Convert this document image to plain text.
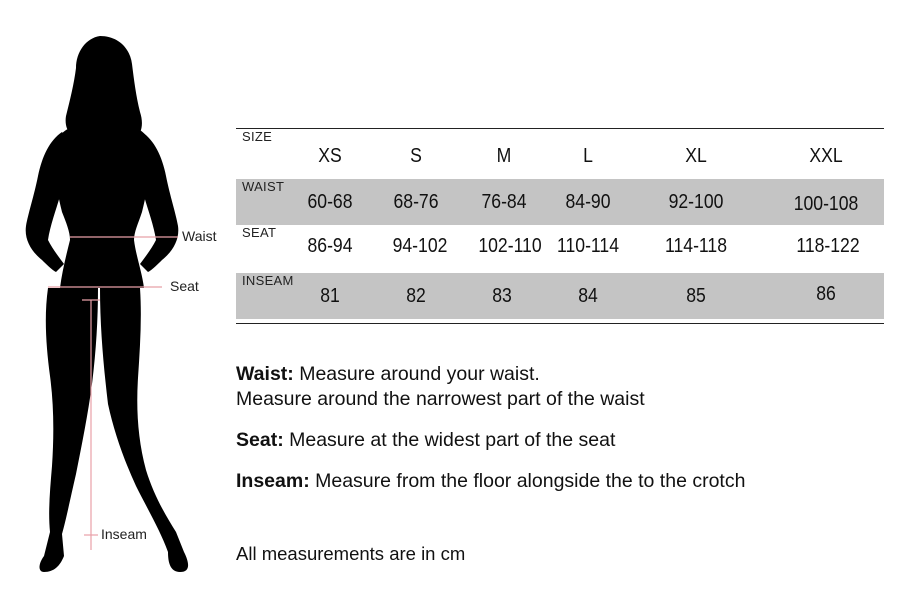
Waist
Seat
Inseam
SIZE
XS	S	M	L	XL	XXL
WAIST
60-68	68-76	76-84	84-90	92-100	100-108
SEAT
86-94	94-102	102-110 110-114	114-118	118-122
INSEAM
81	82	83	84	85	86

Waist: Measure around your waist.

Measure around the narrowest part of the waist

Seat: Measure at the widest part of the seat

Inseam: Measure from the floor alongside the to the crotch

All measurements are in cm
